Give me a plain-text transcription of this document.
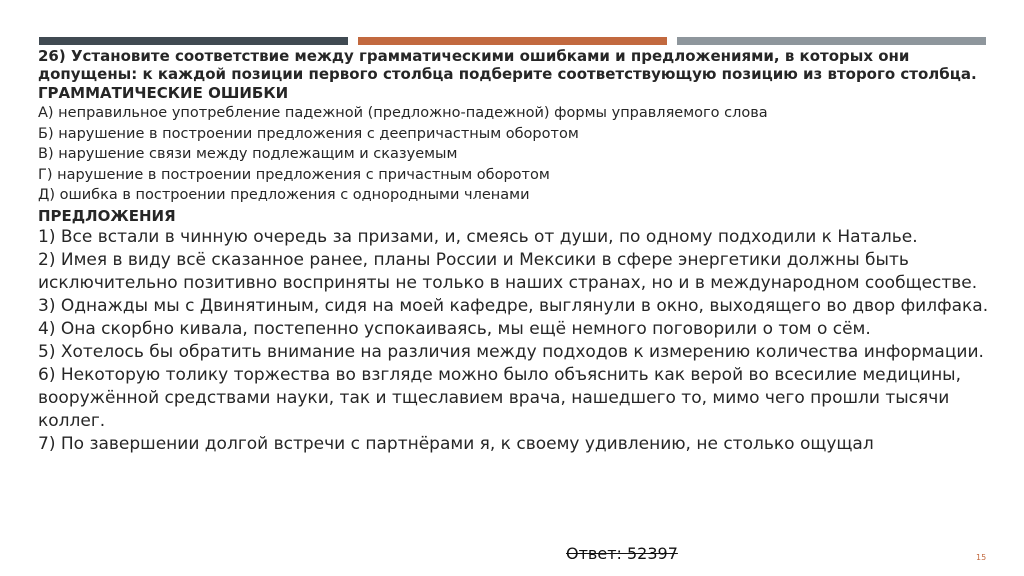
26) Установите соответствие между грамматическими ошибками и предложениями, в которых они допущены: к каждой позиции первого столбца подберите соответствующую позицию из второго столбца.

ГРАММАТИЧЕСКИЕ ОШИБКИ

А) неправильное употребление падежной (предложно-падежной) формы управляемого слова

Б) нарушение в построении предложения с деепричастным оборотом

В) нарушение связи между подлежащим и сказуемым

Г) нарушение в построении предложения с причастным оборотом

Д) ошибка в построении предложения с однородными членами

ПРЕДЛОЖЕНИЯ

1) Все встали в чинную очередь за призами, и, смеясь от души, по одному подходили к Наталье.

2) Имея в виду всё сказанное ранее, планы России и Мексики в сфере энергетики должны быть исключительно позитивно восприняты не только в наших странах, но и в международном сообществе.

3) Однажды мы с Двинятиным, сидя на моей кафедре, выглянули в окно, выходящего во двор филфака.

4) Она скорбно кивала, постепенно успокаиваясь, мы ещё немного поговорили о том о сём.

5) Хотелось бы обратить внимание на различия между подходов к измерению количества информации.

6) Некоторую толику торжества во взгляде можно было объяснить как верой во всесилие медицины, вооружённой средствами науки, так и тщеславием врача, нашедшего то, мимо чего прошли тысячи коллег.

7) По завершении долгой встречи с партнёрами я, к своему удивлению, не столько ощущал

Ответ: 52397	15
